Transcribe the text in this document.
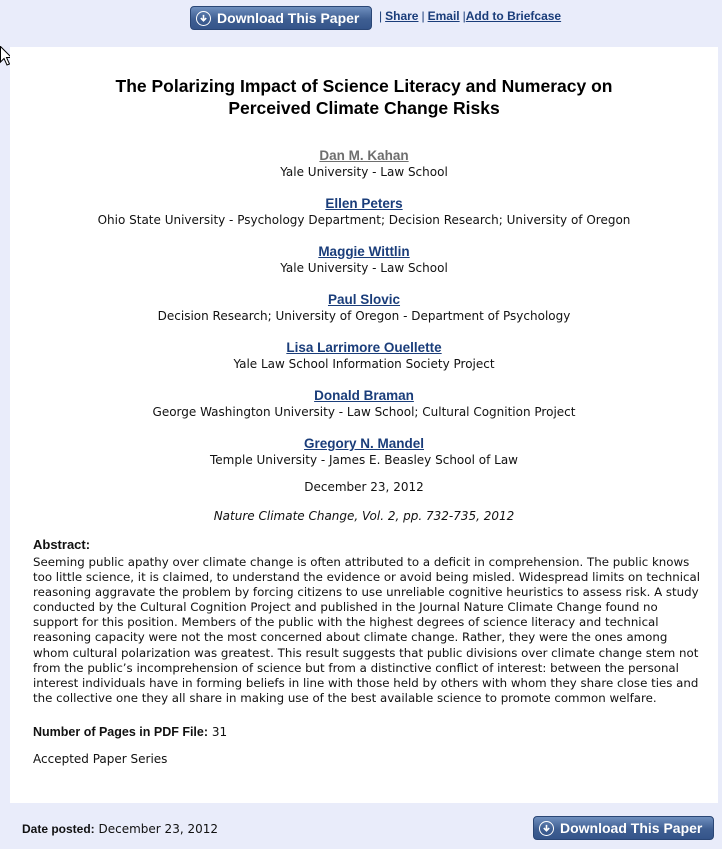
Download This Paper | Share | Email |Add to Briefcase
The Polarizing Impact of Science Literacy and Numeracy on
Perceived Climate Change Risks
Dan M. Kahan
Yale University - Law School
Ellen Peters
Ohio State University - Psychology Department; Decision Research; University of Oregon
Maggie Wittlin
Yale University - Law School
Paul Slovic
Decision Research; University of Oregon - Department of Psychology
Lisa Larrimore Ouellette
Yale Law School Information Society Project
Donald Braman
George Washington University - Law School; Cultural Cognition Project
Gregory N. Mandel
Temple University - James E. Beasley School of Law
December 23, 2012
Nature Climate Change, Vol. 2, pp. 732-735, 2012
Abstract:
Seeming public apathy over climate change is often attributed to a deficit in comprehension. The public knows too little science, it is claimed, to understand the evidence or avoid being misled. Widespread limits on technical reasoning aggravate the problem by forcing citizens to use unreliable cognitive heuristics to assess risk. A study conducted by the Cultural Cognition Project and published in the Journal Nature Climate Change found no support for this position. Members of the public with the highest degrees of science literacy and technical reasoning capacity were not the most concerned about climate change. Rather, they were the ones among whom cultural polarization was greatest. This result suggests that public divisions over climate change stem not from the public’s incomprehension of science but from a distinctive conflict of interest: between the personal interest individuals have in forming beliefs in line with those held by others with whom they share close ties and the collective one they all share in making use of the best available science to promote common welfare.
Number of Pages in PDF File: 31
Accepted Paper Series
Date posted: December 23, 2012	Download This Paper
